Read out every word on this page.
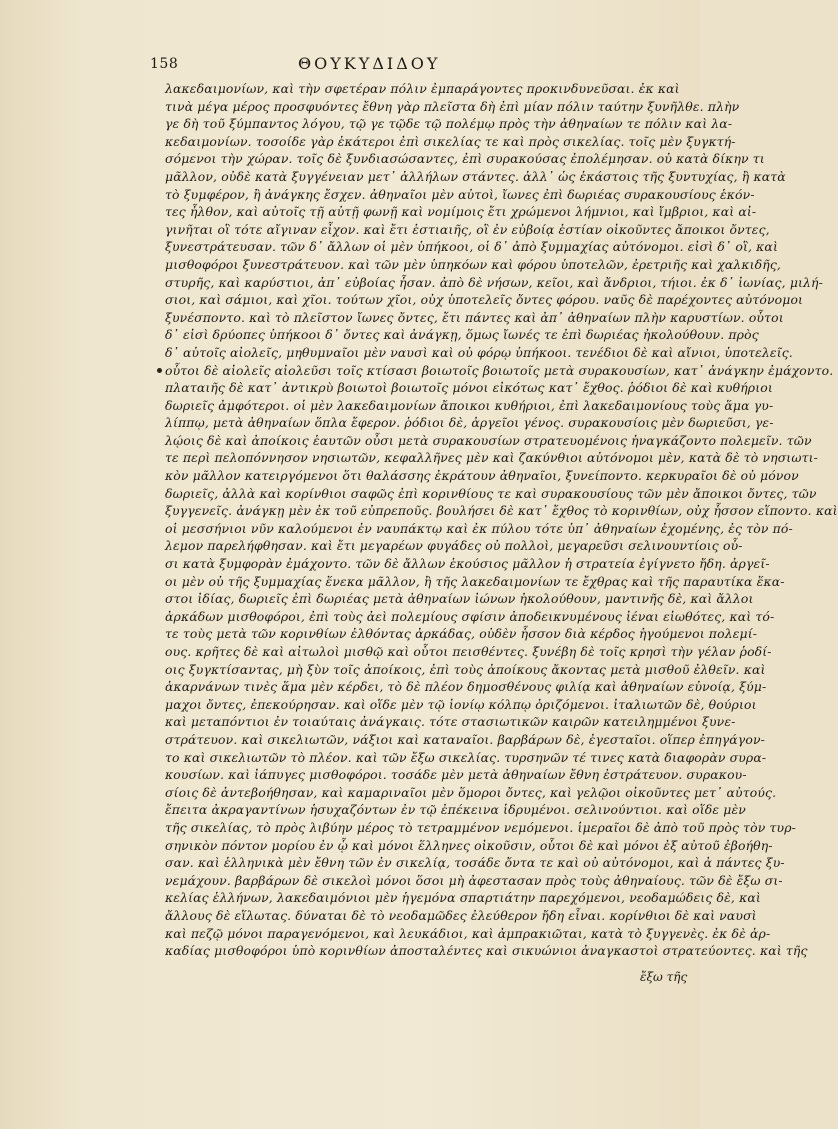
158	ΘΟΥΚΥΔΙΔΟΥ
λακεδαιμονίων, καὶ τὴν σφετέραν πόλιν ἐμπαράγοντες προκινδυνεῦσαι. ἐκ καὶ
τινὰ μέγα μέρος προσφυόντες ἔθνη γὰρ πλεῖστα δὴ ἐπὶ μίαν πόλιν ταύτην ξυνῆλθε. πλὴν
γε δὴ τοῦ ξύμπαντος λόγου, τῷ γε τῷδε τῷ πολέμῳ πρὸς τὴν ἀθηναίων τε πόλιν καὶ λα-
κεδαιμονίων. τοσοίδε γὰρ ἑκάτεροι ἐπὶ σικελίας τε καὶ πρὸς σικελίας. τοῖς μὲν ξυγκτή-
σόμενοι τὴν χώραν. τοῖς δὲ ξυνδιασώσαντες, ἐπὶ συρακούσας ἐπολέμησαν. οὐ κατὰ δίκην τι
μᾶλλον, οὐδὲ κατὰ ξυγγένειαν μετ᾽ ἀλλήλων στάντες. ἀλλ᾽ ὡς ἑκάστοις τῆς ξυντυχίας, ἢ κατὰ
τὸ ξυμφέρον, ἢ ἀνάγκης ἔσχεν. ἀθηναῖοι μὲν αὐτοὶ, ἴωνες ἐπὶ δωριέας συρακουσίους ἑκόν-
τες ἦλθον, καὶ αὐτοῖς τῇ αὐτῇ φωνῇ καὶ νομίμοις ἔτι χρώμενοι λήμνιοι, καὶ ἴμβριοι, καὶ αἰ-
γινῆται οἳ τότε αἴγιναν εἶχον. καὶ ἔτι ἑστιαιῆς, οἳ ἐν εὐβοίᾳ ἑστίαν οἰκοῦντες ἄποικοι ὄντες,
ξυνεστράτευσαν. τῶν δ᾽ ἄλλων οἱ μὲν ὑπήκοοι, οἱ δ᾽ ἀπὸ ξυμμαχίας αὐτόνομοι. εἰσὶ δ᾽ οἳ, καὶ
μισθοφόροι ξυνεστράτευον. καὶ τῶν μὲν ὑπηκόων καὶ φόρου ὑποτελῶν, ἐρετριῆς καὶ χαλκιδῆς,
στυρῆς, καὶ καρύστιοι, ἀπ᾽ εὐβοίας ἦσαν. ἀπὸ δὲ νήσων, κεῖοι, καὶ ἄνδριοι, τήιοι. ἐκ δ᾽ ἰωνίας, μιλή-
σιοι, καὶ σάμιοι, καὶ χῖοι. τούτων χῖοι, οὐχ ὑποτελεῖς ὄντες φόρου. ναῦς δὲ παρέχοντες αὐτόνομοι
ξυνέσποντο. καὶ τὸ πλεῖστον ἴωνες ὄντες, ἔτι πάντες καὶ ἀπ᾽ ἀθηναίων πλὴν καρυστίων. οὗτοι
δ᾽ εἰσὶ δρύοπες ὑπήκοοι δ᾽ ὄντες καὶ ἀνάγκῃ, ὅμως ἴωνές τε ἐπὶ δωριέας ἠκολούθουν. πρὸς
δ᾽ αὐτοῖς αἰολεῖς, μηθυμναῖοι μὲν ναυσὶ καὶ οὐ φόρῳ ὑπήκοοι. τενέδιοι δὲ καὶ αἴνιοι, ὑποτελεῖς.
οὗτοι δὲ αἰολεῖς αἰολεῦσι τοῖς κτίσασι βοιωτοῖς βοιωτοῖς μετὰ συρακουσίων, κατ᾽ ἀνάγκην ἐμάχοντο.
πλαταιῆς δὲ κατ᾽ ἀντικρὺ βοιωτοὶ βοιωτοῖς μόνοι εἰκότως κατ᾽ ἔχθος. ῥόδιοι δὲ καὶ κυθήριοι
δωριεῖς ἀμφότεροι. οἱ μὲν λακεδαιμονίων ἄποικοι κυθήριοι, ἐπὶ λακεδαιμονίους τοὺς ἅμα γυ-
λίππῳ, μετὰ ἀθηναίων ὅπλα ἔφερον. ῥόδιοι δὲ, ἀργεῖοι γένος. συρακουσίοις μὲν δωριεῦσι, γε-
λῴοις δὲ καὶ ἀποίκοις ἑαυτῶν οὖσι μετὰ συρακουσίων στρατευομένοις ἠναγκάζοντο πολεμεῖν. τῶν
τε περὶ πελοπόννησον νησιωτῶν, κεφαλλῆνες μὲν καὶ ζακύνθιοι αὐτόνομοι μὲν, κατὰ δὲ τὸ νησιωτι-
κὸν μᾶλλον κατειργόμενοι ὅτι θαλάσσης ἐκράτουν ἀθηναῖοι, ξυνείποντο. κερκυραῖοι δὲ οὐ μόνον
δωριεῖς, ἀλλὰ καὶ κορίνθιοι σαφῶς ἐπὶ κορινθίους τε καὶ συρακουσίους τῶν μὲν ἄποικοι ὄντες, τῶν
ξυγγενεῖς. ἀνάγκῃ μὲν ἐκ τοῦ εὐπρεποῦς. βουλήσει δὲ κατ᾽ ἔχθος τὸ κορινθίων, οὐχ ἧσσον εἵποντο. καὶ
οἱ μεσσήνιοι νῦν καλούμενοι ἐν ναυπάκτῳ καὶ ἐκ πύλου τότε ὑπ᾽ ἀθηναίων ἐχομένης, ἐς τὸν πό-
λεμον παρελήφθησαν. καὶ ἔτι μεγαρέων φυγάδες οὐ πολλοὶ, μεγαρεῦσι σελινουντίοις οὖ-
σι κατὰ ξυμφορὰν ἐμάχοντο. τῶν δὲ ἄλλων ἑκούσιος μᾶλλον ἡ στρατεία ἐγίγνετο ἤδη. ἀργεῖ-
οι μὲν οὐ τῆς ξυμμαχίας ἕνεκα μᾶλλον, ἢ τῆς λακεδαιμονίων τε ἔχθρας καὶ τῆς παραυτίκα ἕκα-
στοι ἰδίας, δωριεῖς ἐπὶ δωριέας μετὰ ἀθηναίων ἰώνων ἠκολούθουν, μαντινῆς δὲ, καὶ ἄλλοι
ἀρκάδων μισθοφόροι, ἐπὶ τοὺς ἀεὶ πολεμίους σφίσιν ἀποδεικνυμένους ἰέναι εἰωθότες, καὶ τό-
τε τοὺς μετὰ τῶν κορινθίων ἐλθόντας ἀρκάδας, οὐδὲν ἧσσον διὰ κέρδος ἡγούμενοι πολεμί-
ους. κρῆτες δὲ καὶ αἰτωλοὶ μισθῷ καὶ οὗτοι πεισθέντες. ξυνέβη δὲ τοῖς κρησὶ τὴν γέλαν ῥοδί-
οις ξυγκτίσαντας, μὴ ξὺν τοῖς ἀποίκοις, ἐπὶ τοὺς ἀποίκους ἄκοντας μετὰ μισθοῦ ἐλθεῖν. καὶ
ἀκαρνάνων τινὲς ἅμα μὲν κέρδει, τὸ δὲ πλέον δημοσθένους φιλίᾳ καὶ ἀθηναίων εὐνοίᾳ, ξύμ-
μαχοι ὄντες, ἐπεκούρησαν. καὶ οἵδε μὲν τῷ ἰονίῳ κόλπῳ ὁριζόμενοι. ἰταλιωτῶν δὲ, θούριοι
καὶ μεταπόντιοι ἐν τοιαύταις ἀνάγκαις. τότε στασιωτικῶν καιρῶν κατειλημμένοι ξυνε-
στράτευον. καὶ σικελιωτῶν, νάξιοι καὶ καταναῖοι. βαρβάρων δὲ, ἐγεσταῖοι. οἵπερ ἐπηγάγον-
το καὶ σικελιωτῶν τὸ πλέον. καὶ τῶν ἔξω σικελίας. τυρσηνῶν τέ τινες κατὰ διαφορὰν συρα-
κουσίων. καὶ ἰάπυγες μισθοφόροι. τοσάδε μὲν μετὰ ἀθηναίων ἔθνη ἐστράτευον. συρακου-
σίοις δὲ ἀντεβοήθησαν, καὶ καμαριναῖοι μὲν ὅμοροι ὄντες, καὶ γελῷοι οἰκοῦντες μετ᾽ αὐτούς.
ἔπειτα ἀκραγαντίνων ἡσυχαζόντων ἐν τῷ ἐπέκεινα ἱδρυμένοι. σελινούντιοι. καὶ οἵδε μὲν
τῆς σικελίας, τὸ πρὸς λιβύην μέρος τὸ τετραμμένον νεμόμενοι. ἱμεραῖοι δὲ ἀπὸ τοῦ πρὸς τὸν τυρ-
σηνικὸν πόντον μορίου ἐν ᾧ καὶ μόνοι ἕλληνες οἰκοῦσιν, οὗτοι δὲ καὶ μόνοι ἐξ αὐτοῦ ἐβοήθη-
σαν. καὶ ἑλληνικὰ μὲν ἔθνη τῶν ἐν σικελίᾳ, τοσάδε ὄντα τε καὶ οὐ αὐτόνομοι, καὶ ἀ πάντες ξυ-
νεμάχουν. βαρβάρων δὲ σικελοὶ μόνοι ὅσοι μὴ ἀφεστασαν πρὸς τοὺς ἀθηναίους. τῶν δὲ ἔξω σι-
κελίας ἑλλήνων, λακεδαιμόνιοι μὲν ἡγεμόνα σπαρτιάτην παρεχόμενοι, νεοδαμώδεις δὲ, καὶ
ἄλλους δὲ εἵλωτας. δύναται δὲ τὸ νεοδαμῶδες ἐλεύθερον ἤδη εἶναι. κορίνθιοι δὲ καὶ ναυσὶ
καὶ πεζῷ μόνοι παραγενόμενοι, καὶ λευκάδιοι, καὶ ἀμπρακιῶται, κατὰ τὸ ξυγγενὲς. ἐκ δὲ ἀρ-
καδίας μισθοφόροι ὑπὸ κορινθίων ἀποσταλέντες καὶ σικυώνιοι ἀναγκαστοὶ στρατεύοντες. καὶ τῆς
ἔξω τῆς
